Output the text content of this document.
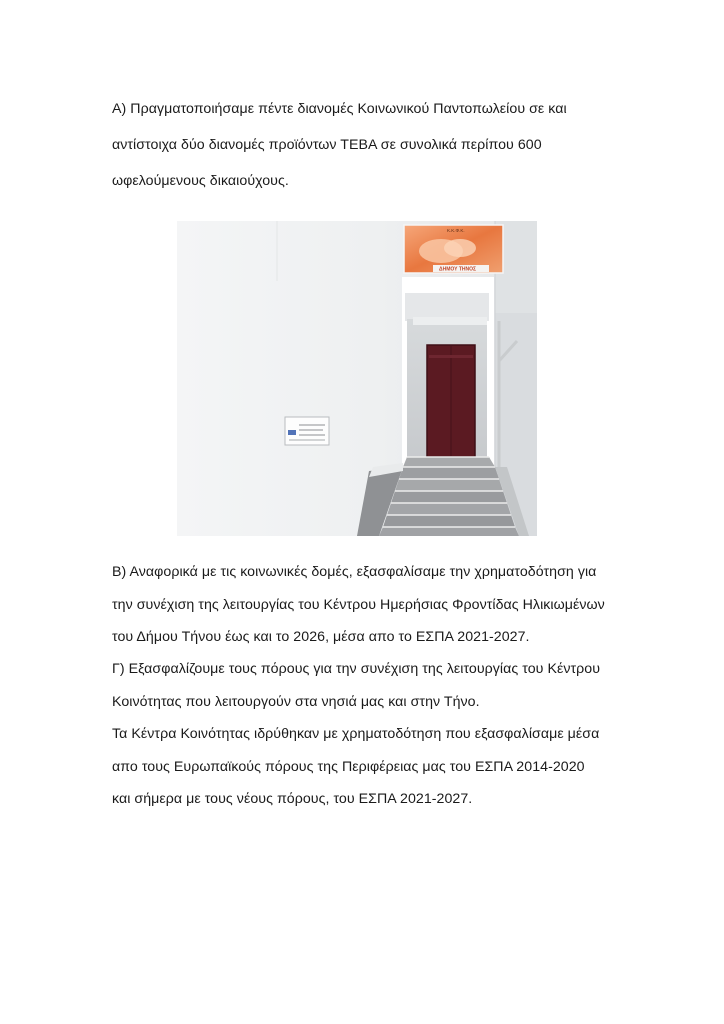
Α) Πραγματοποιήσαμε πέντε διανομές Κοινωνικού Παντοπωλείου σε και
αντίστοιχα δύο διανομές προϊόντων ΤΕΒΑ σε συνολικά περίπου 600
ωφελούμενους δικαιούχους.
Κ.Κ.Φ.Κ.
ΔΗΜΟΥ ΤΗΝΟΣ
Β) Αναφορικά με τις κοινωνικές δομές, εξασφαλίσαμε την χρηματοδότηση για
την συνέχιση της λειτουργίας του Κέντρου Ημερήσιας Φροντίδας Ηλικιωμένων
του Δήμου Τήνου έως και το 2026, μέσα απο το ΕΣΠΑ 2021-2027.
Γ) Εξασφαλίζουμε τους πόρους για την συνέχιση της λειτουργίας του Κέντρου
Κοινότητας που λειτουργούν στα νησιά μας και στην Τήνο.
Τα Κέντρα Κοινότητας ιδρύθηκαν με χρηματοδότηση που εξασφαλίσαμε μέσα
απο τους Ευρωπαϊκούς πόρους της Περιφέρειας μας του ΕΣΠΑ 2014-2020
και σήμερα με τους νέους πόρους, του ΕΣΠΑ 2021-2027.
